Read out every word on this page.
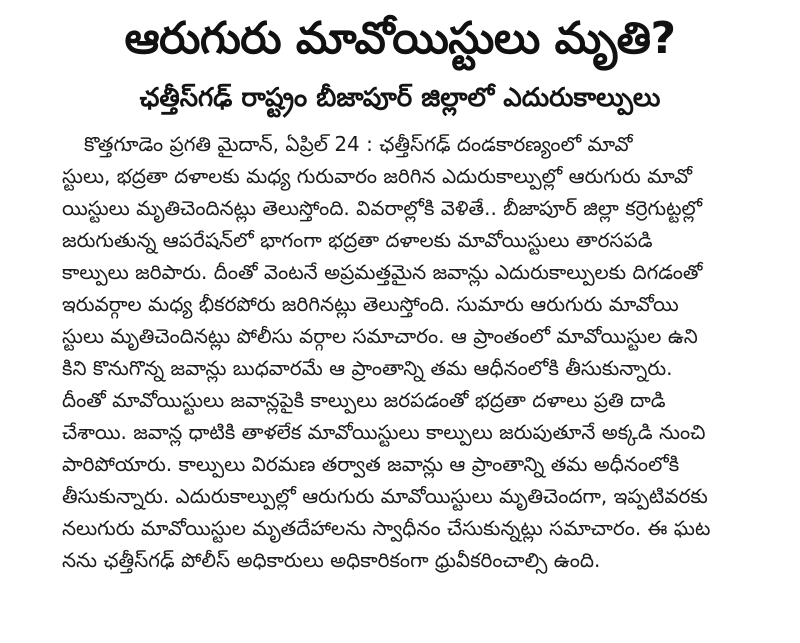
ఆరుగురు మావోయిస్టులు మృతి?
ఛత్తీస్‌గఢ్ రాష్ట్రం బీజాపూర్ జిల్లాలో ఎదురుకాల్పులు
కొత్తగూడెం ప్రగతి మైదాన్, ఏప్రిల్ 24 : ఛత్తీస్‌గఢ్ దండకారణ్యంలో మావో
స్టులు, భద్రతా దళాలకు మధ్య గురువారం జరిగిన ఎదురుకాల్పుల్లో ఆరుగురు మావో
యిస్టులు మృతిచెందినట్లు తెలుస్తోంది. వివరాల్లోకి వెళితే.. బీజాపూర్ జిల్లా కర్రెగుట్టల్లో
జరుగుతున్న ఆపరేషన్‌లో భాగంగా భద్రతా దళాలకు మావోయిస్టులు తారసపడి
కాల్పులు జరిపారు. దీంతో వెంటనే అప్రమత్తమైన జవాన్లు ఎదురుకాల్పులకు దిగడంతో
ఇరువర్గాల మధ్య భీకరపోరు జరిగినట్లు తెలుస్తోంది. సుమారు ఆరుగురు మావోయి
స్టులు మృతిచెందినట్లు పోలీసు వర్గాల సమాచారం. ఆ ప్రాంతంలో మావోయిస్టుల ఉని
కిని కొనుగొన్న జవాన్లు బుధవారమే ఆ ప్రాంతాన్ని తమ ఆధీనంలోకి తీసుకున్నారు.
దీంతో మావోయిస్టులు జవాన్లపైకి కాల్పులు జరపడంతో భద్రతా దళాలు ప్రతి దాడి
చేశాయి. జవాన్ల ధాటికి తాళలేక మావోయిస్టులు కాల్పులు జరుపుతూనే అక్కడి నుంచి
పారిపోయారు. కాల్పులు విరమణ తర్వాత జవాన్లు ఆ ప్రాంతాన్ని తమ అధీనంలోకి
తీసుకున్నారు. ఎదురుకాల్పుల్లో ఆరుగురు మావోయిస్టులు మృతిచెందగా, ఇప్పటివరకు
నలుగురు మావోయిస్టుల మృతదేహాలను స్వాధీనం చేసుకున్నట్లు సమాచారం. ఈ ఘట
నను ఛత్తీస్‌గఢ్ పోలీస్ అధికారులు అధికారికంగా ధ్రువీకరించాల్సి ఉంది.
